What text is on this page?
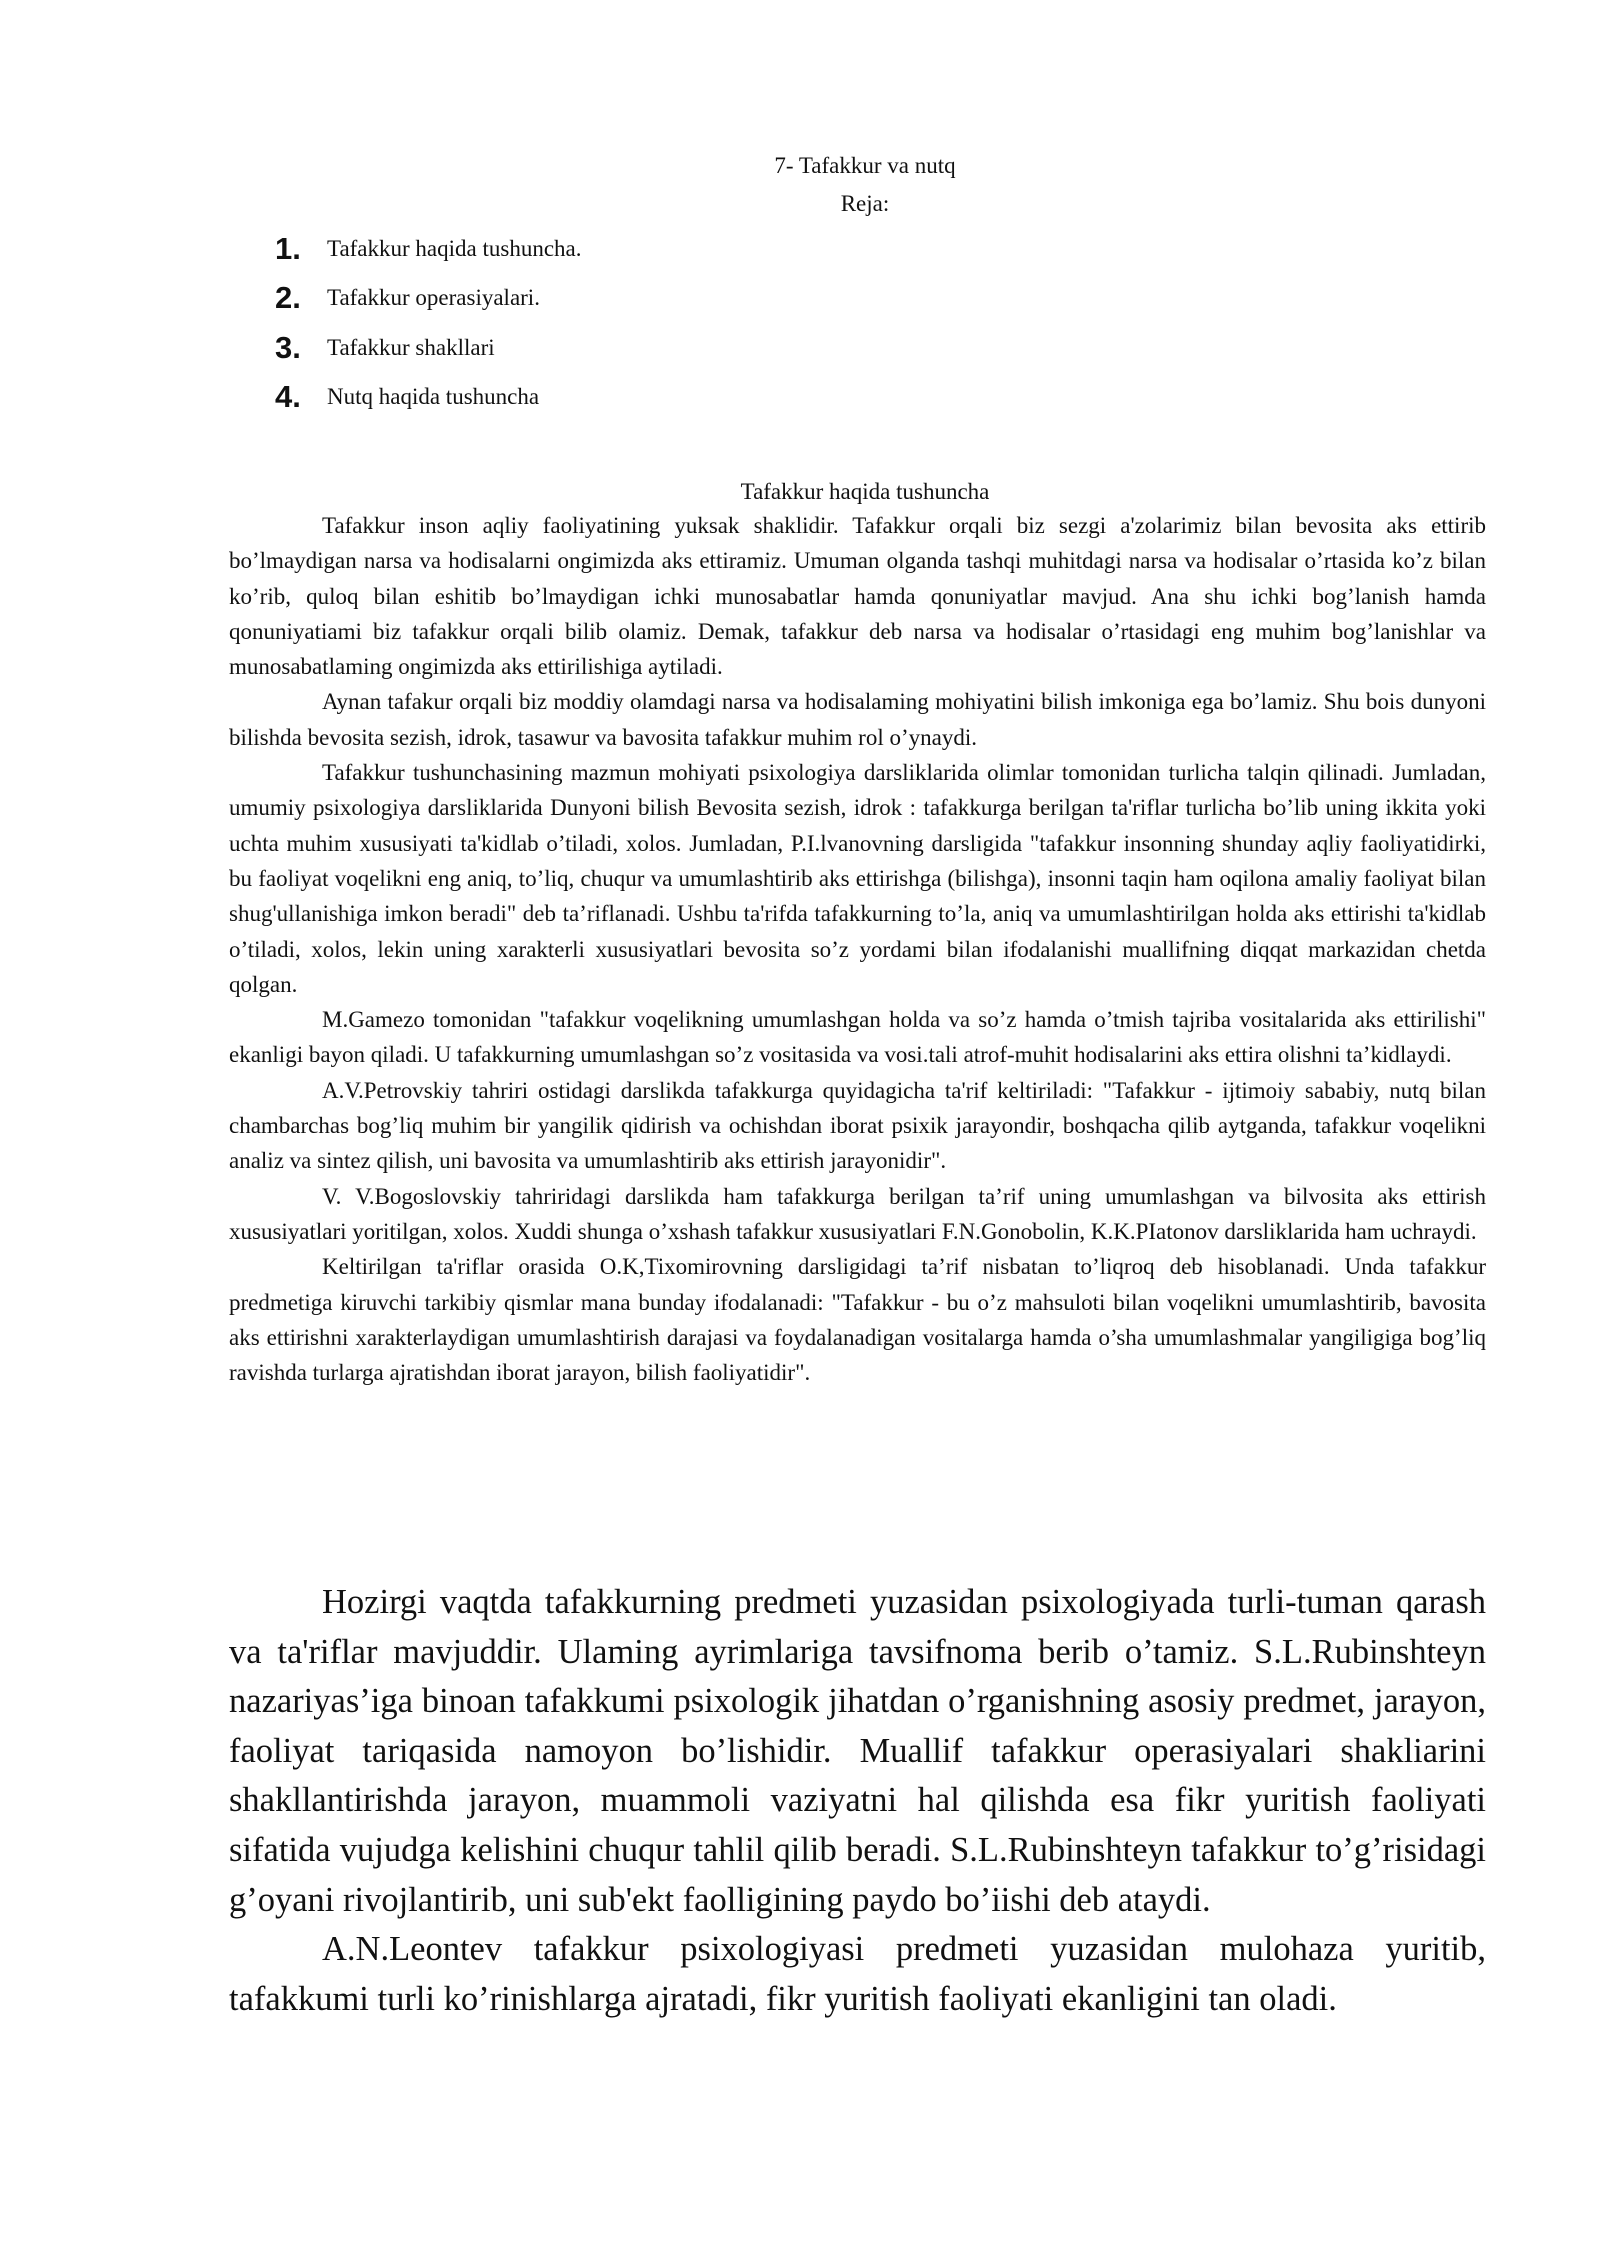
7- Tafakkur va nutq
Reja:
1.	Tafakkur haqida tushuncha.
2.	Tafakkur operasiyalari.
3.	Tafakkur shakllari
4.	Nutq haqida tushuncha
Tafakkur haqida tushuncha

Tafakkur inson aqliy faoliyatining yuksak shaklidir. Tafakkur orqali biz sezgi a'zolarimiz bilan bevosita aks ettirib bo’lmaydigan narsa va hodisalarni ongimizda aks ettiramiz. Umuman olganda tashqi muhitdagi narsa va hodisalar o’rtasida ko’z bilan ko’rib, quloq bilan eshitib bo’lmaydigan ichki munosabatlar hamda qonuniyatlar mavjud. Ana shu ichki bog’lanish hamda qonuniyatiami biz tafakkur orqali bilib olamiz. Demak, tafakkur deb narsa va hodisalar o’rtasidagi eng muhim bog’lanishlar va munosabatlaming ongimizda aks ettirilishiga aytiladi.

Aynan tafakur orqali biz moddiy olamdagi narsa va hodisalaming mohiyatini bilish imkoniga ega bo’lamiz. Shu bois dunyoni bilishda bevosita sezish, idrok, tasawur va bavosita tafakkur muhim rol o’ynaydi.

Tafakkur tushunchasining mazmun mohiyati psixologiya darsliklarida olimlar tomonidan turlicha talqin qilinadi. Jumladan, umumiy psixologiya darsliklarida Dunyoni bilish Bevosita sezish, idrok : tafakkurga berilgan ta'riflar turlicha bo’lib uning ikkita yoki uchta muhim xususiyati ta'kidlab o’tiladi, xolos. Jumladan, P.I.lvanovning darsligida "tafakkur insonning shunday aqliy faoliyatidirki, bu faoliyat voqelikni eng aniq, to’liq, chuqur va umumlashtirib aks ettirishga (bilishga), insonni taqin ham oqilona amaliy faoliyat bilan shug'ullanishiga imkon beradi" deb ta’riflanadi. Ushbu ta'rifda tafakkurning to’la, aniq va umumlashtirilgan holda aks ettirishi ta'kidlab o’tiladi, xolos, lekin uning xarakterli xususiyatlari bevosita so’z yordami bilan ifodalanishi muallifning diqqat markazidan chetda qolgan.

M.Gamezo tomonidan "tafakkur voqelikning umumlashgan holda va so’z hamda o’tmish tajriba vositalarida aks ettirilishi" ekanligi bayon qiladi. U tafakkurning umumlashgan so’z vositasida va vosi.tali atrof-muhit hodisalarini aks ettira olishni ta’kidlaydi.

A.V.Petrovskiy tahriri ostidagi darslikda tafakkurga quyidagicha ta'rif keltiriladi: "Tafakkur - ijtimoiy sababiy, nutq bilan chambarchas bog’liq muhim bir yangilik qidirish va ochishdan iborat psixik jarayondir, boshqacha qilib aytganda, tafakkur voqelikni analiz va sintez qilish, uni bavosita va umumlashtirib aks ettirish jarayonidir".

V. V.Bogoslovskiy tahriridagi darslikda ham tafakkurga berilgan ta’rif uning umumlashgan va bilvosita aks ettirish xususiyatlari yoritilgan, xolos. Xuddi shunga o’xshash tafakkur xususiyatlari F.N.Gonobolin, K.K.PIatonov darsliklarida ham uchraydi.

Keltirilgan ta'riflar orasida O.K,Tixomirovning darsligidagi ta’rif nisbatan to’liqroq deb hisoblanadi. Unda tafakkur predmetiga kiruvchi tarkibiy qismlar mana bunday ifodalanadi: "Tafakkur - bu o’z mahsuloti bilan voqelikni umumlashtirib, bavosita aks ettirishni xarakterlaydigan umumlashtirish darajasi va foydalanadigan vositalarga hamda o’sha umumlashmalar yangiligiga bog’liq ravishda turlarga ajratishdan iborat jarayon, bilish faoliyatidir".

Hozirgi vaqtda tafakkurning predmeti yuzasidan psixologiyada turli-tuman qarash va ta'riflar mavjuddir. Ulaming ayrimlariga tavsifnoma berib o’tamiz. S.L.Rubinshteyn nazariyas’iga binoan tafakkumi psixologik jihatdan o’rganishning asosiy predmet, jarayon, faoliyat tariqasida namoyon bo’lishidir. Muallif tafakkur operasiyalari shakliarini shakllantirishda jarayon, muammoli vaziyatni hal qilishda esa fikr yuritish faoliyati sifatida vujudga kelishini chuqur tahlil qilib beradi. S.L.Rubinshteyn tafakkur to’g’risidagi g’oyani rivojlantirib, uni sub'ekt faolligining paydo bo’iishi deb ataydi.

A.N.Leontev tafakkur psixologiyasi predmeti yuzasidan mulohaza yuritib, tafakkumi turli ko’rinishlarga ajratadi, fikr yuritish faoliyati ekanligini tan oladi.
